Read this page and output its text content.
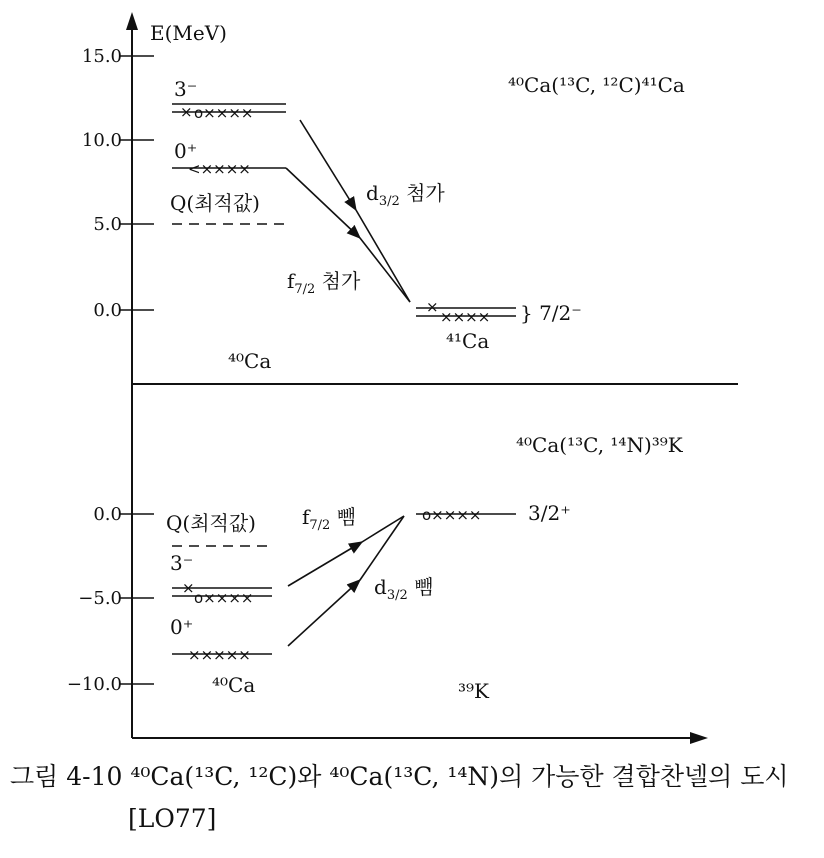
E(MeV)
15.0
10.0
5.0
0.0
3⁻
× o××××
0⁺
<××××
Q(최적값)
⁴⁰Ca
$d_{3/2}$ 첨가
$f_{7/2}$ 첨가
×
×××× } 7/2⁻
⁴¹Ca
⁴⁰Ca(¹³C, ¹²C)⁴¹Ca
0.0
−5.0
−10.0
⁴⁰Ca(¹³C, ¹⁴N)³⁹K
Q(최적값)
3⁻
×
o××××
0⁺
×××××
⁴⁰Ca
$f_{7/2}$ 뺌
$d_{3/2}$ 뺌
o×××× 3/2⁺
³⁹K
그림 4-10 ⁴⁰Ca(¹³C, ¹²C)와 ⁴⁰Ca(¹³C, ¹⁴N)의 가능한 결합찬넬의 도시
[LO77]
